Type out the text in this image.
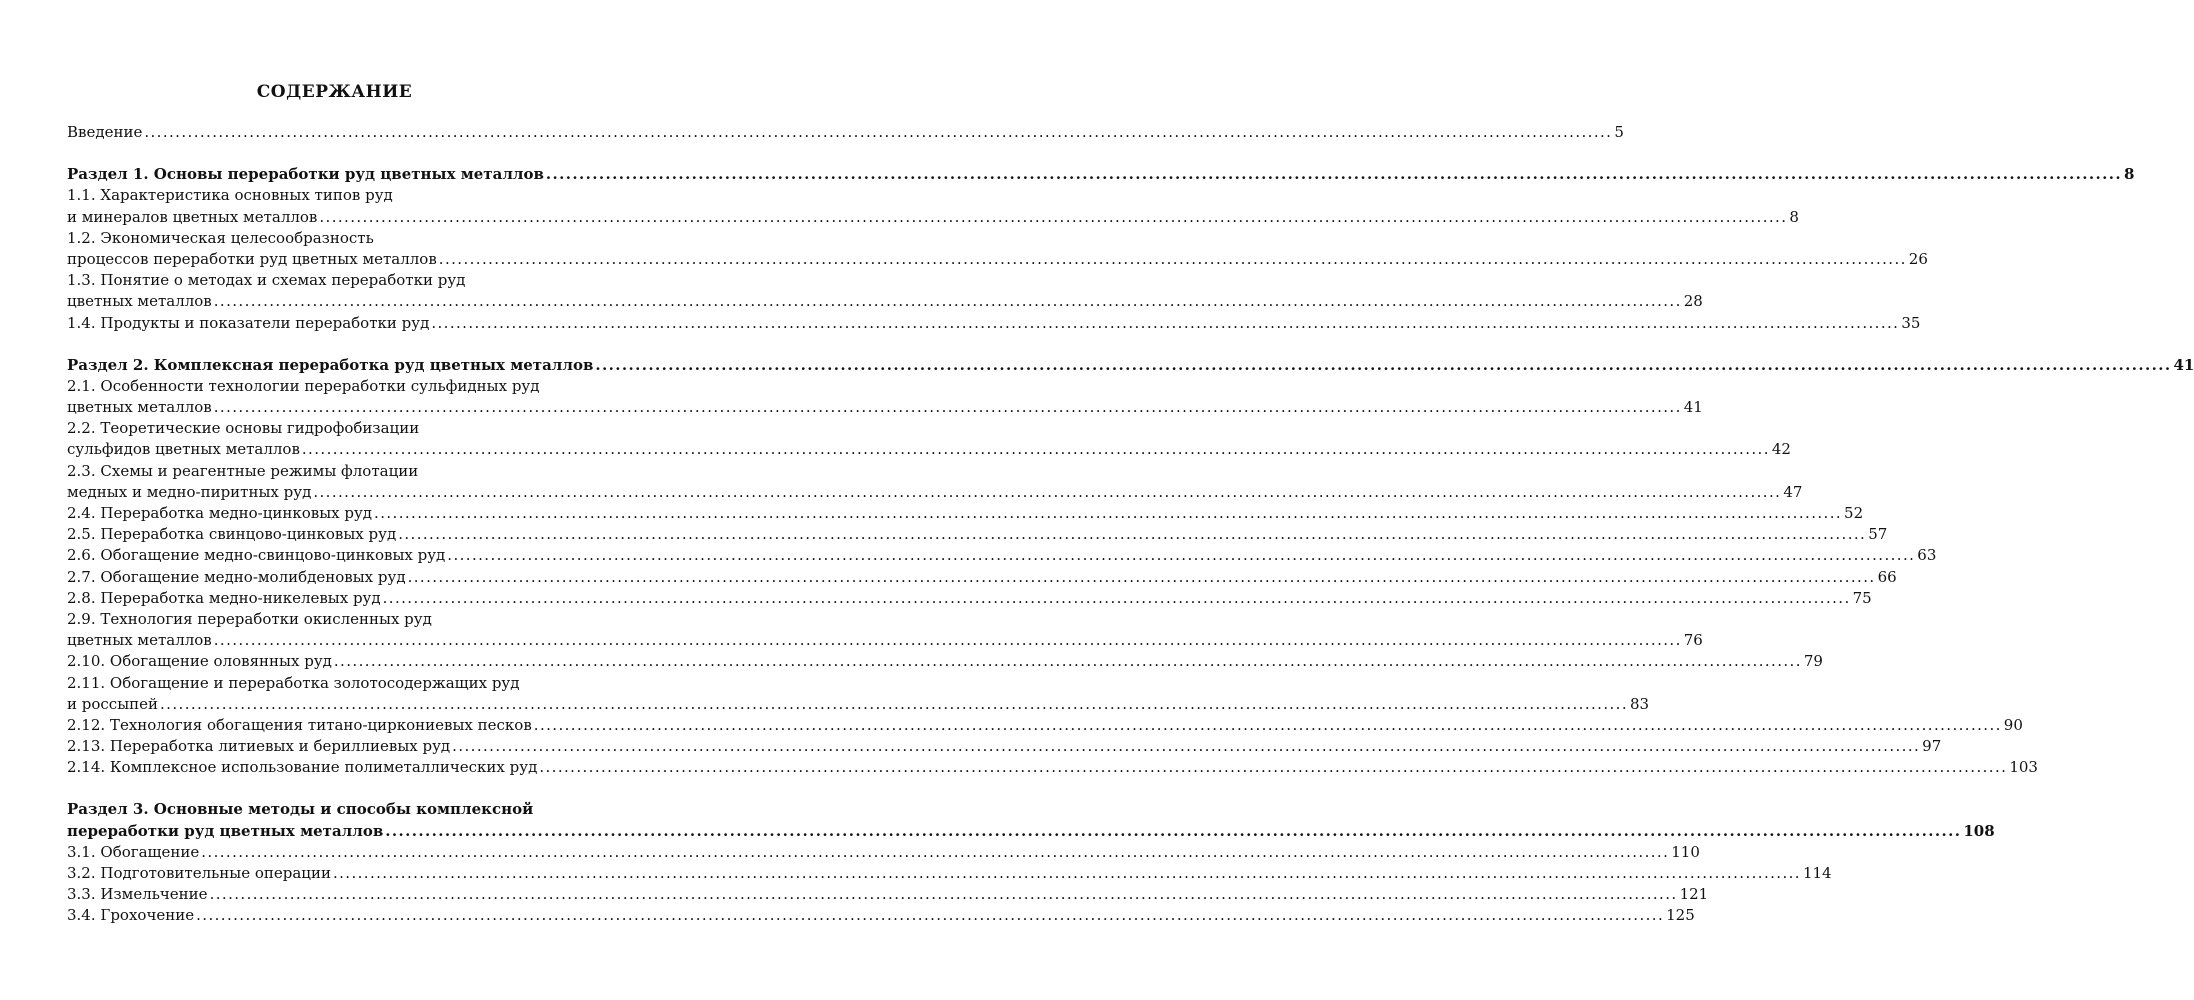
СОДЕРЖАНИЕ
Введение .....	5
Раздел 1. Основы переработки руд цветных металлов .....	8
1.1. Характеристика основных типов руд
и минералов цветных металлов .....	8
1.2. Экономическая целесообразность
процессов переработки руд цветных металлов .....	26
1.3. Понятие о методах и схемах переработки руд
цветных металлов .....	28
1.4. Продукты и показатели переработки руд .....	35
Раздел 2. Комплексная переработка руд цветных металлов .....	41
2.1. Особенности технологии переработки сульфидных руд
цветных металлов .....	41
2.2. Теоретические основы гидрофобизации
сульфидов цветных металлов .....	42
2.3. Схемы и реагентные режимы флотации
медных и медно-пиритных руд .....	47
2.4. Переработка медно-цинковых руд .....	52
2.5. Переработка свинцово-цинковых руд .....	57
2.6. Обогащение медно-свинцово-цинковых руд .....	63
2.7. Обогащение медно-молибденовых руд .....	66
2.8. Переработка медно-никелевых руд .....	75
2.9. Технология переработки окисленных руд
цветных металлов .....	76
2.10. Обогащение оловянных руд .....	79
2.11. Обогащение и переработка золотосодержащих руд
и россыпей .....	83
2.12. Технология обогащения титано-циркониевых песков .....	90
2.13. Переработка литиевых и бериллиевых руд .....	97
2.14. Комплексное использование полиметаллических руд .....	103
Раздел 3. Основные методы и способы комплексной
переработки руд цветных металлов .....	108
3.1. Обогащение .....	110
3.2. Подготовительные операции .....	114
3.3. Измельчение .....	121
3.4. Грохочение .....	125
